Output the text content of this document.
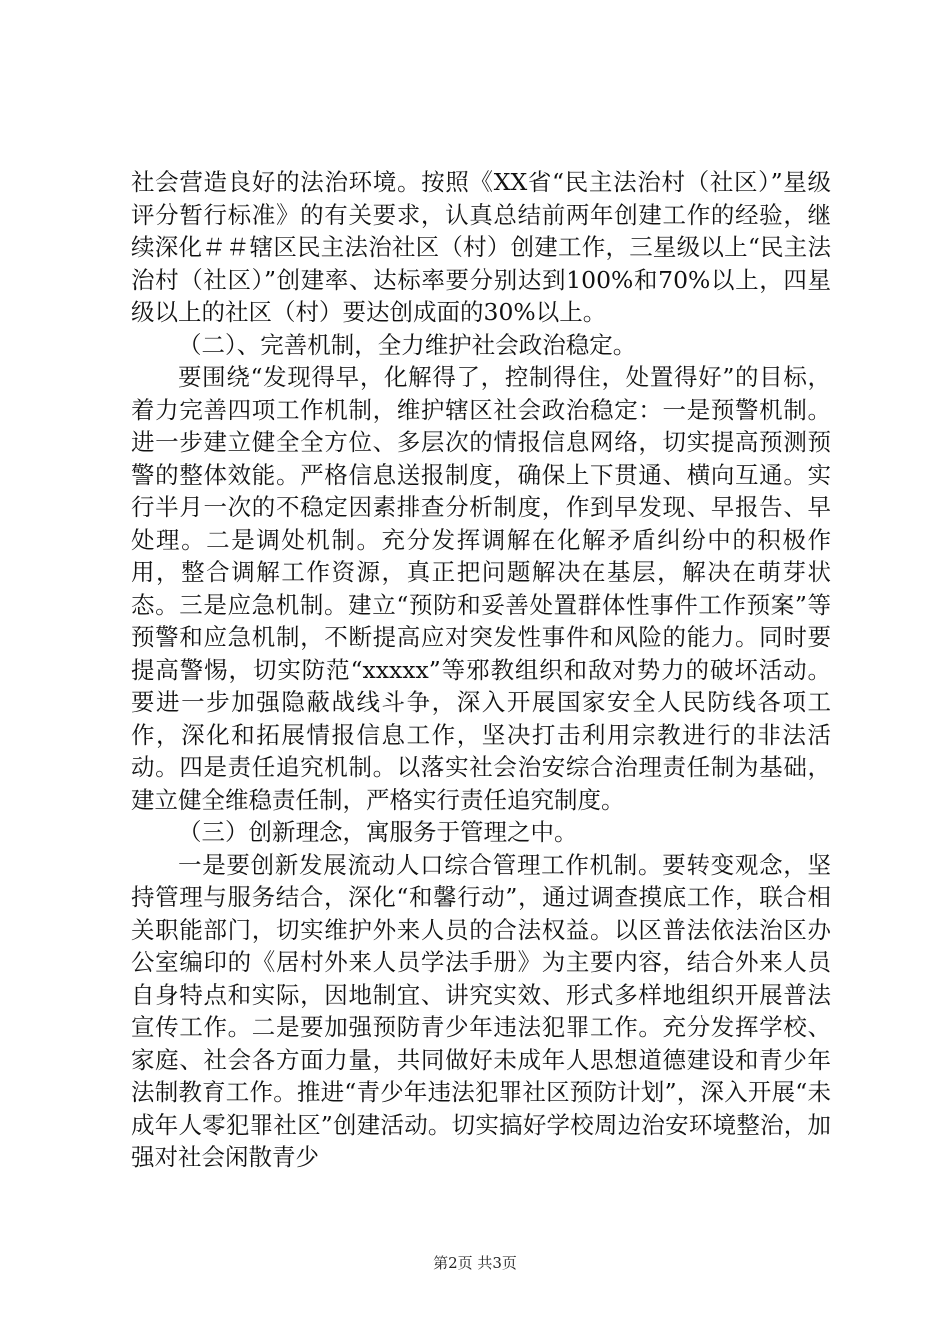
社会营造良好的法治环境。按照《XX省“民主法治村（社区）”星级评分暂行标准》的有关要求，认真总结前两年创建工作的经验，继续深化＃＃辖区民主法治社区（村）创建工作，三星级以上“民主法治村（社区）”创建率、达标率要分别达到100%和70%以上，四星级以上的社区（村）要达创成面的30%以上。

（二）、完善机制，全力维护社会政治稳定。

要围绕“发现得早，化解得了，控制得住，处置得好”的目标，着力完善四项工作机制，维护辖区社会政治稳定：一是预警机制。进一步建立健全全方位、多层次的情报信息网络，切实提高预测预警的整体效能。严格信息送报制度，确保上下贯通、横向互通。实行半月一次的不稳定因素排查分析制度，作到早发现、早报告、早处理。二是调处机制。充分发挥调解在化解矛盾纠纷中的积极作用，整合调解工作资源，真正把问题解决在基层，解决在萌芽状态。三是应急机制。建立“预防和妥善处置群体性事件工作预案”等预警和应急机制，不断提高应对突发性事件和风险的能力。同时要提高警惕，切实防范“xxxxx”等邪教组织和敌对势力的破坏活动。要进一步加强隐蔽战线斗争，深入开展国家安全人民防线各项工作，深化和拓展情报信息工作，坚决打击利用宗教进行的非法活动。四是责任追究机制。以落实社会治安综合治理责任制为基础，建立健全维稳责任制，严格实行责任追究制度。

（三）创新理念，寓服务于管理之中。

一是要创新发展流动人口综合管理工作机制。要转变观念，坚持管理与服务结合，深化“和馨行动”，通过调查摸底工作，联合相关职能部门，切实维护外来人员的合法权益。以区普法依法治区办公室编印的《居村外来人员学法手册》为主要内容，结合外来人员自身特点和实际，因地制宜、讲究实效、形式多样地组织开展普法宣传工作。二是要加强预防青少年违法犯罪工作。充分发挥学校、家庭、社会各方面力量，共同做好未成年人思想道德建设和青少年法制教育工作。推进“青少年违法犯罪社区预防计划”，深入开展“未成年人零犯罪社区”创建活动。切实搞好学校周边治安环境整治，加强对社会闲散青少

第2页 共3页
